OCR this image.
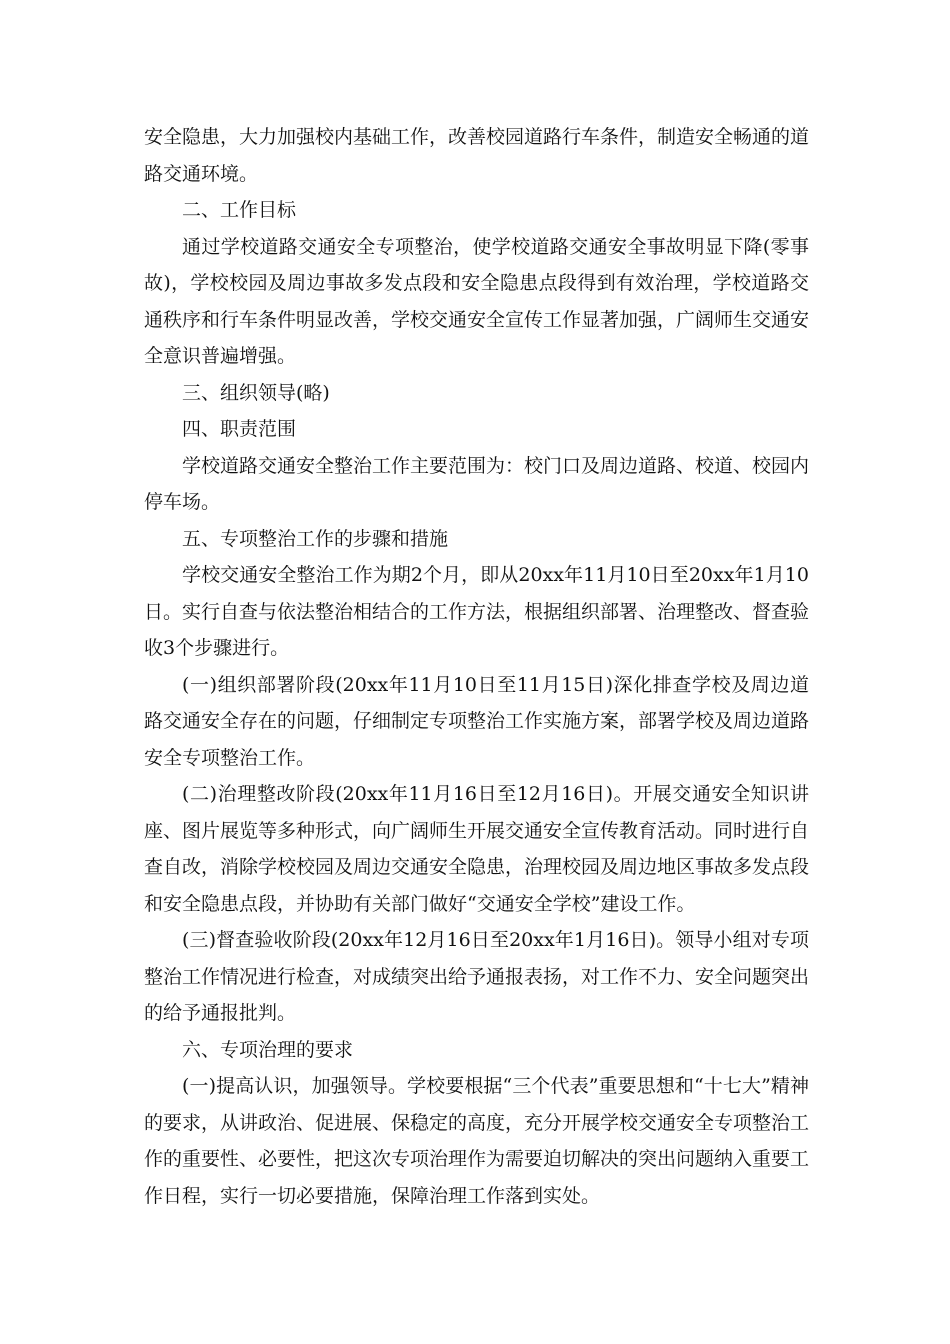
安全隐患，大力加强校内基础工作，改善校园道路行车条件，制造安全畅通的道路交通环境。

二、工作目标

通过学校道路交通安全专项整治，使学校道路交通安全事故明显下降(零事故)，学校校园及周边事故多发点段和安全隐患点段得到有效治理，学校道路交通秩序和行车条件明显改善，学校交通安全宣传工作显著加强，广阔师生交通安全意识普遍增强。

三、组织领导(略)

四、职责范围

学校道路交通安全整治工作主要范围为：校门口及周边道路、校道、校园内停车场。

五、专项整治工作的步骤和措施

学校交通安全整治工作为期2个月，即从20xx年11月10日至20xx年1月10日。实行自查与依法整治相结合的工作方法，根据组织部署、治理整改、督查验收3个步骤进行。

(一)组织部署阶段(20xx年11月10日至11月15日)深化排查学校及周边道路交通安全存在的问题，仔细制定专项整治工作实施方案，部署学校及周边道路安全专项整治工作。

(二)治理整改阶段(20xx年11月16日至12月16日)。开展交通安全知识讲座、图片展览等多种形式，向广阔师生开展交通安全宣传教育活动。同时进行自查自改，消除学校校园及周边交通安全隐患，治理校园及周边地区事故多发点段和安全隐患点段，并协助有关部门做好“交通安全学校”建设工作。

(三)督查验收阶段(20xx年12月16日至20xx年1月16日)。领导小组对专项整治工作情况进行检查，对成绩突出给予通报表扬，对工作不力、安全问题突出的给予通报批判。

六、专项治理的要求

(一)提高认识，加强领导。学校要根据“三个代表”重要思想和“十七大”精神的要求，从讲政治、促进展、保稳定的高度，充分开展学校交通安全专项整治工作的重要性、必要性，把这次专项治理作为需要迫切解决的突出问题纳入重要工作日程，实行一切必要措施，保障治理工作落到实处。
